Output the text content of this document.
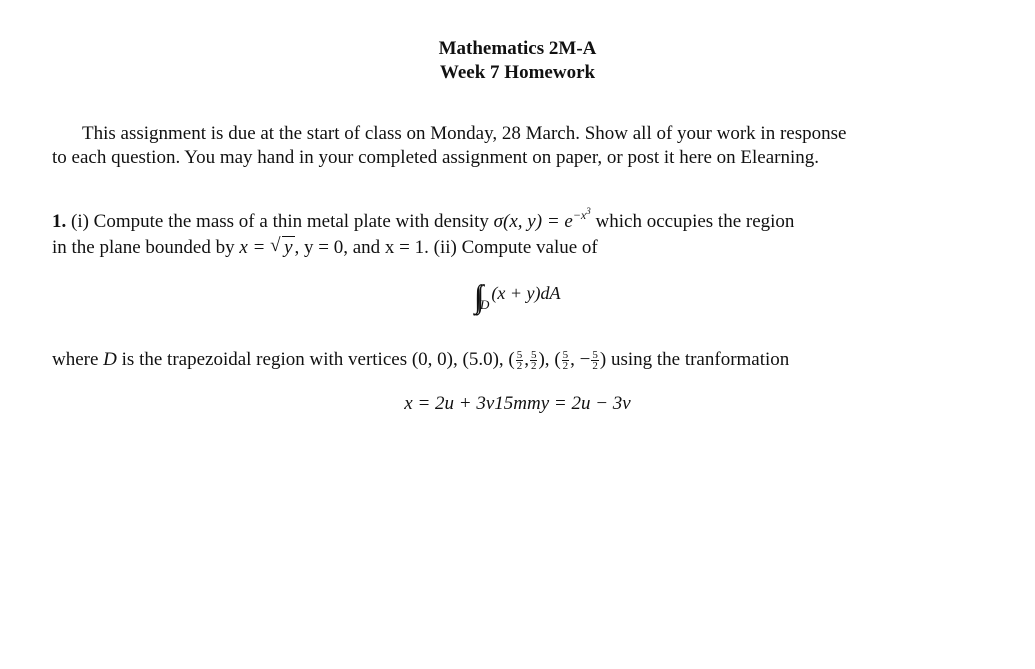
Mathematics 2M-A
Week 7 Homework
This assignment is due at the start of class on Monday, 28 March. Show all of your work in response
to each question. You may hand in your completed assignment on paper, or post it here on Elearning.
1. (i) Compute the mass of a thin metal plate with density σ(x, $y) = e^{-x^3}$ which occupies the region
in the plane bounded by x = √ y , y = 0, and x = 1. (ii) Compute value of
$\int\int_D(x + y)dA$
where D is the trapezoidal region with vertices (0, 0), (5.0), ( $\frac{5}{2}$ , $\frac{5}{2}$ ), ( $\frac{5}{2}$ , − $\frac{5}{2}$ ) using the tranformation
x = 2u + 3v15mmy = 2u − 3v
